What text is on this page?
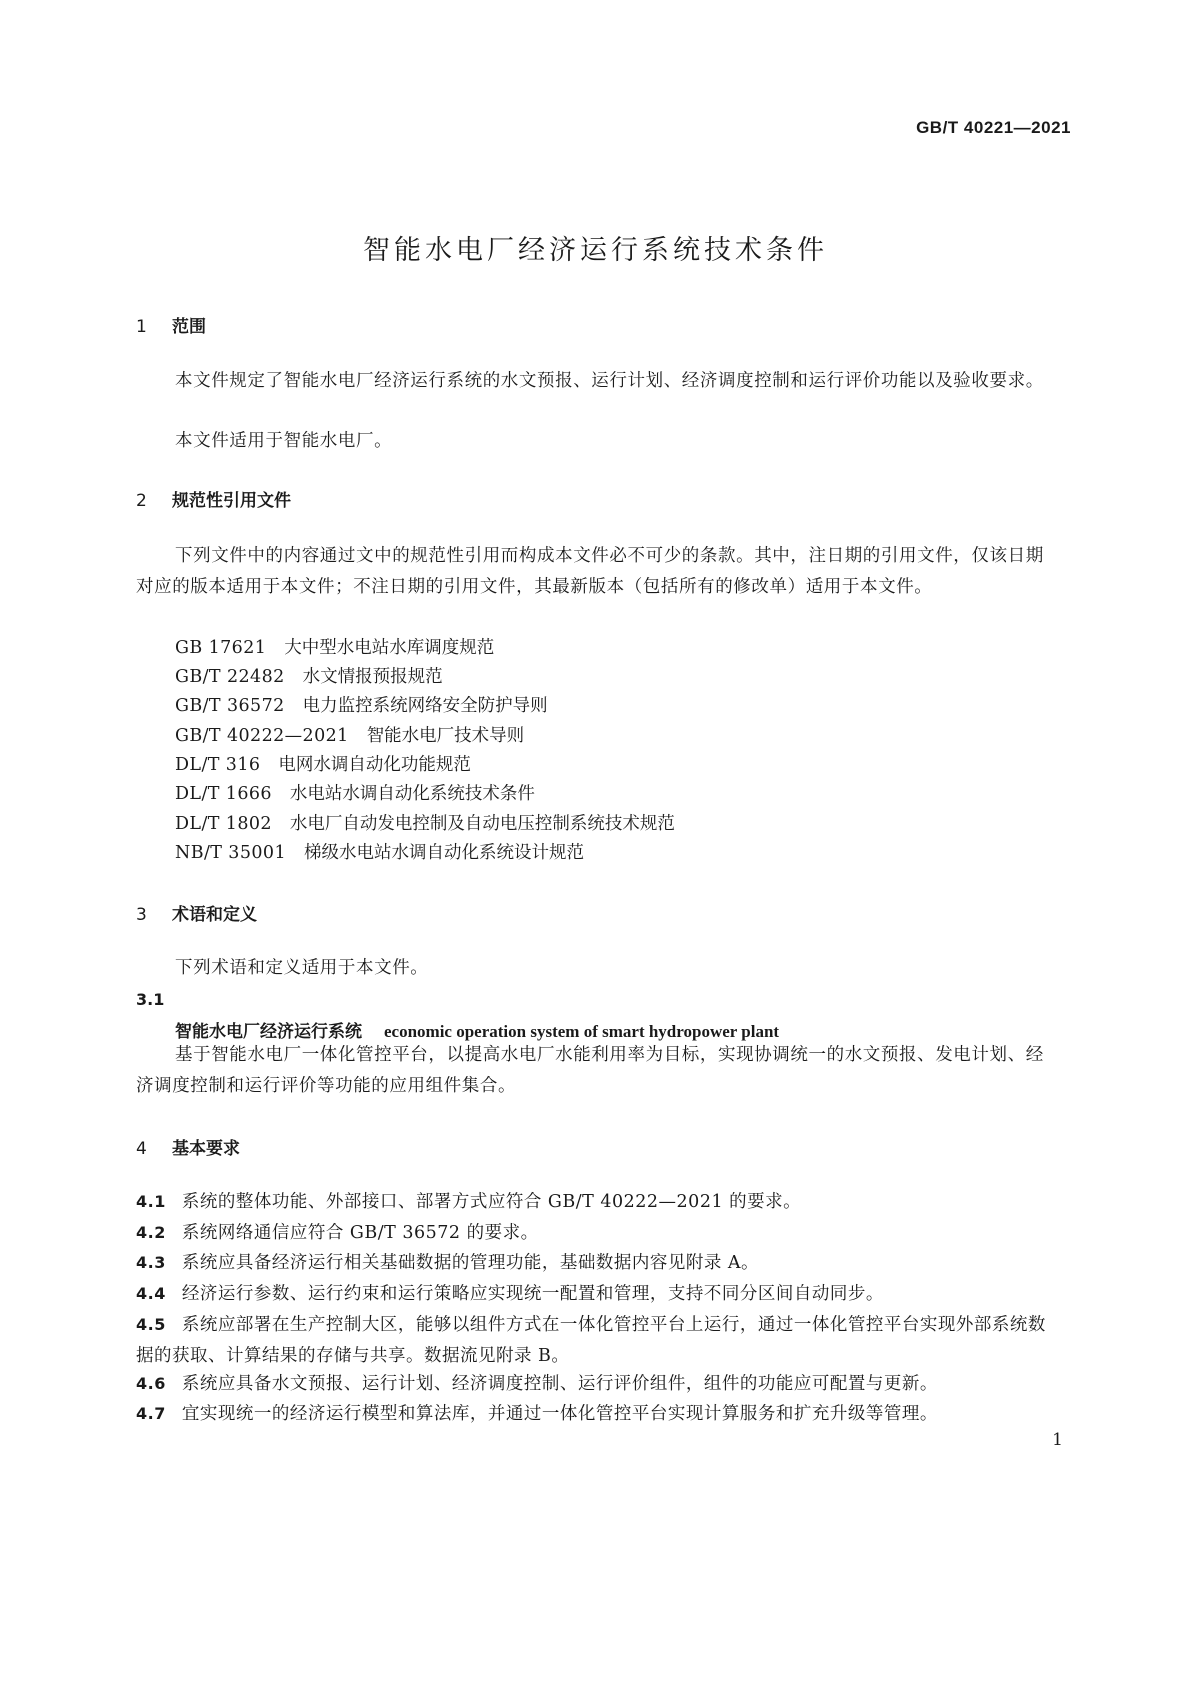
GB/T 40221—2021
智能水电厂经济运行系统技术条件
1 范围
本文件规定了智能水电厂经济运行系统的水文预报、运行计划、经济调度控制和运行评价功能以及验收要求。
本文件适用于智能水电厂。
2 规范性引用文件
下列文件中的内容通过文中的规范性引用而构成本文件必不可少的条款。其中，注日期的引用文件，仅该日期对应的版本适用于本文件；不注日期的引用文件，其最新版本（包括所有的修改单）适用于本文件。
GB 17621 大中型水电站水库调度规范
GB/T 22482 水文情报预报规范
GB/T 36572 电力监控系统网络安全防护导则
GB/T 40222—2021 智能水电厂技术导则
DL/T 316 电网水调自动化功能规范
DL/T 1666 水电站水调自动化系统技术条件
DL/T 1802 水电厂自动发电控制及自动电压控制系统技术规范
NB/T 35001 梯级水电站水调自动化系统设计规范
3 术语和定义
下列术语和定义适用于本文件。
3.1
智能水电厂经济运行系统 economic operation system of smart hydropower plant
基于智能水电厂一体化管控平台，以提高水电厂水能利用率为目标，实现协调统一的水文预报、发电计划、经济调度控制和运行评价等功能的应用组件集合。
4 基本要求
4.1 系统的整体功能、外部接口、部署方式应符合 GB/T 40222—2021 的要求。
4.2 系统网络通信应符合 GB/T 36572 的要求。
4.3 系统应具备经济运行相关基础数据的管理功能，基础数据内容见附录 A。
4.4 经济运行参数、运行约束和运行策略应实现统一配置和管理，支持不同分区间自动同步。
4.5 系统应部署在生产控制大区，能够以组件方式在一体化管控平台上运行，通过一体化管控平台实现外部系统数据的获取、计算结果的存储与共享。数据流见附录 B。
4.6 系统应具备水文预报、运行计划、经济调度控制、运行评价组件，组件的功能应可配置与更新。
4.7 宜实现统一的经济运行模型和算法库，并通过一体化管控平台实现计算服务和扩充升级等管理。
1
